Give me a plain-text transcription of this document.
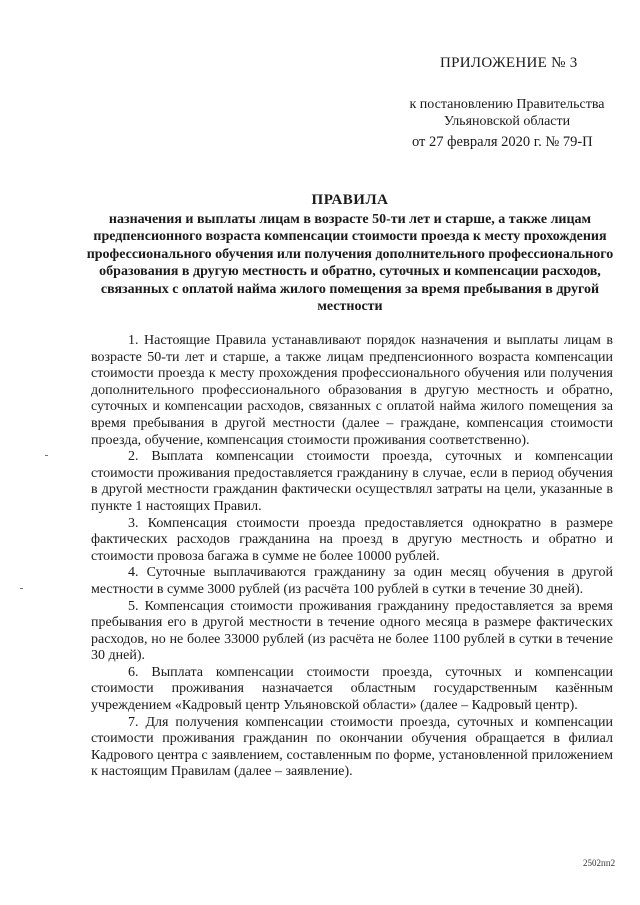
ПРИЛОЖЕНИЕ № 3
к постановлению Правительства
Ульяновской области
от 27 февраля 2020 г. № 79-П
ПРАВИЛА
назначения и выплаты лицам в возрасте 50-ти лет и старше, а также лицам предпенсионного возраста компенсации стоимости проезда к месту прохождения профессионального обучения или получения дополнительного профессионального образования в другую местность и обратно, суточных и компенсации расходов, связанных с оплатой найма жилого помещения за время пребывания в другой местности

1. Настоящие Правила устанавливают порядок назначения и выплаты лицам в возрасте 50-ти лет и старше, а также лицам предпенсионного возраста компенсации стоимости проезда к месту прохождения профессионального обучения или получения дополнительного профессионального образования в другую местность и обратно, суточных и компенсации расходов, связанных с оплатой найма жилого помещения за время пребывания в другой местности (далее – граждане, компенсация стоимости проезда, обучение, компенсация стоимости проживания соответственно).

2. Выплата компенсации стоимости проезда, суточных и компенсации стоимости проживания предоставляется гражданину в случае, если в период обучения в другой местности гражданин фактически осуществлял затраты на цели, указанные в пункте 1 настоящих Правил.

3. Компенсация стоимости проезда предоставляется однократно в размере фактических расходов гражданина на проезд в другую местность и обратно и стоимости провоза багажа в сумме не более 10000 рублей.

4. Суточные выплачиваются гражданину за один месяц обучения в другой местности в сумме 3000 рублей (из расчёта 100 рублей в сутки в течение 30 дней).

5. Компенсация стоимости проживания гражданину предоставляется за время пребывания его в другой местности в течение одного месяца в размере фактических расходов, но не более 33000 рублей (из расчёта не более 1100 рублей в сутки в течение 30 дней).

6. Выплата компенсации стоимости проезда, суточных и компенсации стоимости проживания назначается областным государственным казённым учреждением «Кадровый центр Ульяновской области» (далее – Кадровый центр).

7. Для получения компенсации стоимости проезда, суточных и компенсации стоимости проживания гражданин по окончании обучения обращается в филиал Кадрового центра с заявлением, составленным по форме, установленной приложением к настоящим Правилам (далее – заявление).

2502пп2
